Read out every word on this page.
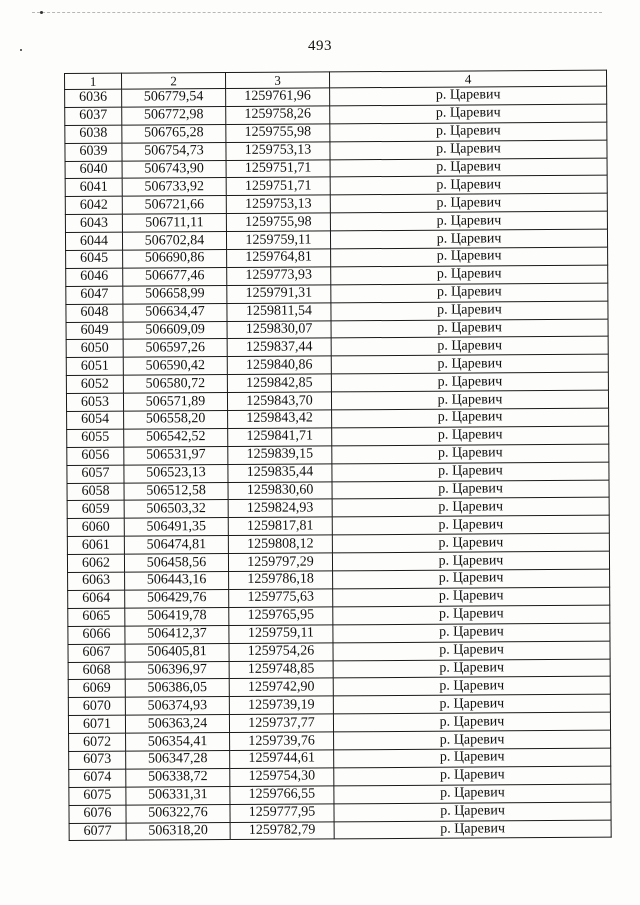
493
1	2	3	4
6036	506779,54	1259761,96	р. Царевич
6037	506772,98	1259758,26	р. Царевич
6038	506765,28	1259755,98	р. Царевич
6039	506754,73	1259753,13	р. Царевич
6040	506743,90	1259751,71	р. Царевич
6041	506733,92	1259751,71	р. Царевич
6042	506721,66	1259753,13	р. Царевич
6043	506711,11	1259755,98	р. Царевич
6044	506702,84	1259759,11	р. Царевич
6045	506690,86	1259764,81	р. Царевич
6046	506677,46	1259773,93	р. Царевич
6047	506658,99	1259791,31	р. Царевич
6048	506634,47	1259811,54	р. Царевич
6049	506609,09	1259830,07	р. Царевич
6050	506597,26	1259837,44	р. Царевич
6051	506590,42	1259840,86	р. Царевич
6052	506580,72	1259842,85	р. Царевич
6053	506571,89	1259843,70	р. Царевич
6054	506558,20	1259843,42	р. Царевич
6055	506542,52	1259841,71	р. Царевич
6056	506531,97	1259839,15	р. Царевич
6057	506523,13	1259835,44	р. Царевич
6058	506512,58	1259830,60	р. Царевич
6059	506503,32	1259824,93	р. Царевич
6060	506491,35	1259817,81	р. Царевич
6061	506474,81	1259808,12	р. Царевич
6062	506458,56	1259797,29	р. Царевич
6063	506443,16	1259786,18	р. Царевич
6064	506429,76	1259775,63	р. Царевич
6065	506419,78	1259765,95	р. Царевич
6066	506412,37	1259759,11	р. Царевич
6067	506405,81	1259754,26	р. Царевич
6068	506396,97	1259748,85	р. Царевич
6069	506386,05	1259742,90	р. Царевич
6070	506374,93	1259739,19	р. Царевич
6071	506363,24	1259737,77	р. Царевич
6072	506354,41	1259739,76	р. Царевич
6073	506347,28	1259744,61	р. Царевич
6074	506338,72	1259754,30	р. Царевич
6075	506331,31	1259766,55	р. Царевич
6076	506322,76	1259777,95	р. Царевич
6077	506318,20	1259782,79	р. Царевич
